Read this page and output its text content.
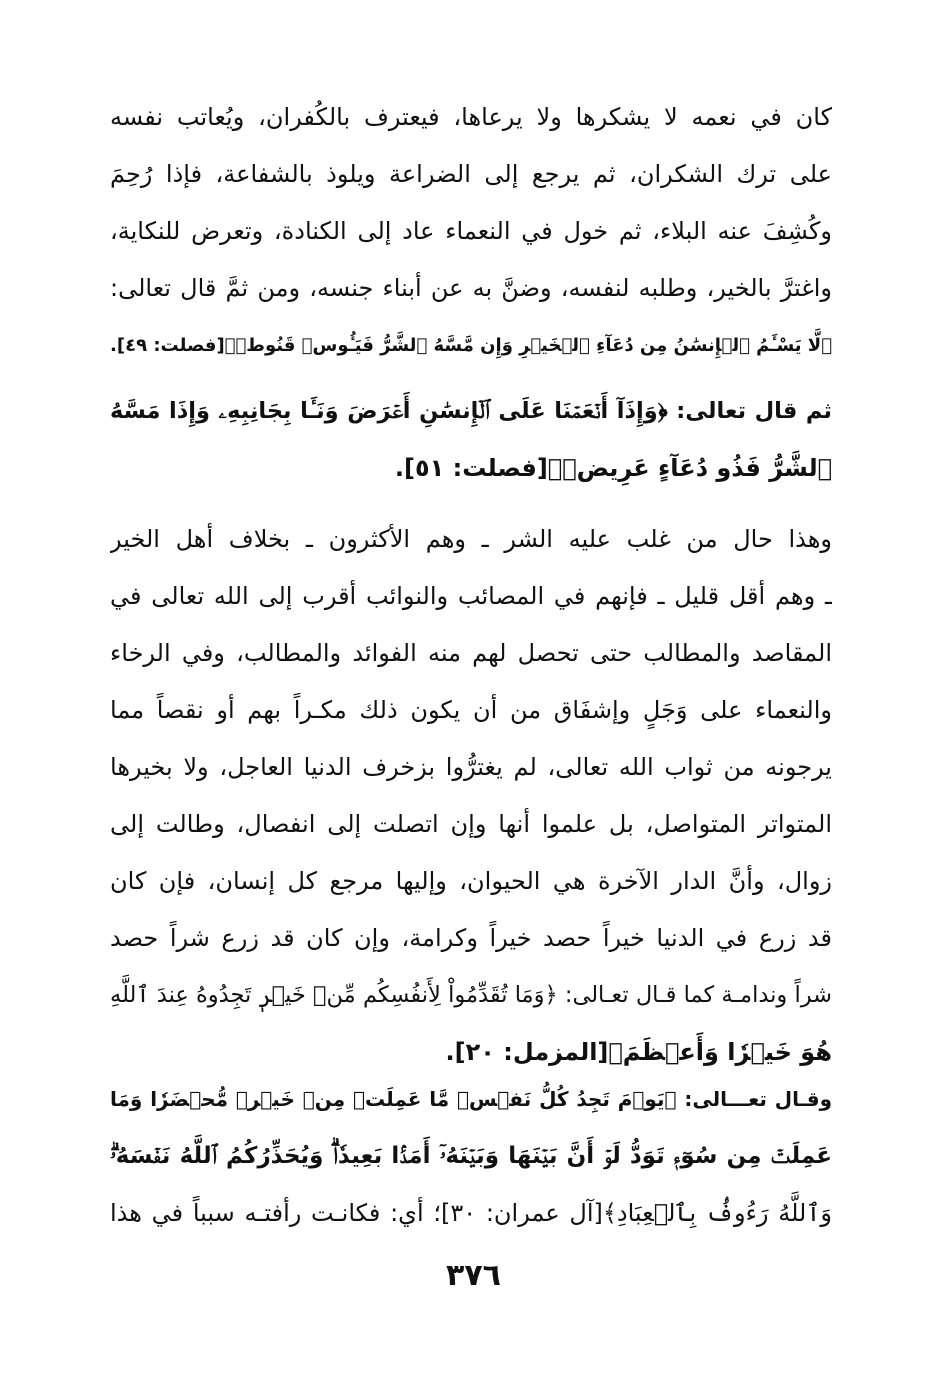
كان في نعمه لا يشكرها ولا يرعاها، فيعترف بالكُفران، ويُعاتب نفسه
على ترك الشكران، ثم يرجع إلى الضراعة ويلوذ بالشفاعة، فإذا رُحِمَ
وكُشِفَ عنه البلاء، ثم خول في النعماء عاد إلى الكنادة، وتعرض للنكاية،
واغترَّ بالخير، وطلبه لنفسه، وضنَّ به عن أبناء جنسه، ومن ثمَّ قال تعالى:
﴿لَّا يَسْـَٔمُ ٱلۡإِنسَٰنُ مِن دُعَآءِ ٱلۡخَيۡرِ وَإِن مَّسَّهُ ٱلشَّرُّ فَيَـُٔوسٞ قَنُوطٞ﴾[فصلت: ٤٩].
ثم قال تعالى: ﴿وَإِذَآ أَنۡعَمۡنَا عَلَى ٱلۡإِنسَٰنِ أَعۡرَضَ وَنَـَٔا بِجَانِبِهِۦ وَإِذَا مَسَّهُ
ٱلشَّرُّ فَذُو دُعَآءٍ عَرِيضٖ﴾[فصلت: ٥١].
وهذا حال من غلب عليه الشر ـ وهم الأكثرون ـ بخلاف أهل الخير
ـ وهم أقل قليل ـ فإنهم في المصائب والنوائب أقرب إلى الله تعالى في
المقاصد والمطالب حتى تحصل لهم منه الفوائد والمطالب، وفي الرخاء
والنعماء على وَجَلٍ وإشفَاق من أن يكون ذلك مكـراً بهم أو نقصاً مما
يرجونه من ثواب الله تعالى، لم يغترُّوا بزخرف الدنيا العاجل، ولا بخيرها
المتواتر المتواصل، بل علموا أنها وإن اتصلت إلى انفصال، وطالت إلى
زوال، وأنَّ الدار الآخرة هي الحيوان، وإليها مرجع كل إنسان، فإن كان
قد زرع في الدنيا خيراً حصد خيراً وكرامة، وإن كان قد زرع شراً حصد
شراً وندامـة كما قـال تعـالى: ﴿وَمَا تُقَدِّمُواْ لِأَنفُسِكُم مِّنۡ خَيۡرٖ تَجِدُوهُ عِندَ ٱللَّهِ
هُوَ خَيۡرٗا وَأَعۡظَمَ﴾[المزمل: ٢٠].
وقـال تعـــالى: ﴿يَوۡمَ تَجِدُ كُلُّ نَفۡسٖ مَّا عَمِلَتۡ مِنۡ خَيۡرٖ مُّحۡضَرٗا وَمَا
عَمِلَتۡ مِن سُوٓءٖ تَوَدُّ لَوۡ أَنَّ بَيۡنَهَا وَبَيۡنَهُۥٓ أَمَدَۢا بَعِيدٗاۗ وَيُحَذِّرُكُمُ ٱللَّهُ نَفۡسَهُۥۗ
وَٱللَّهُ رَءُوفُۢ بِٱلۡعِبَادِ﴾[آل عمران: ٣٠]؛ أي: فكانـت رأفتـه سبباً في هذا
٣٧٦
